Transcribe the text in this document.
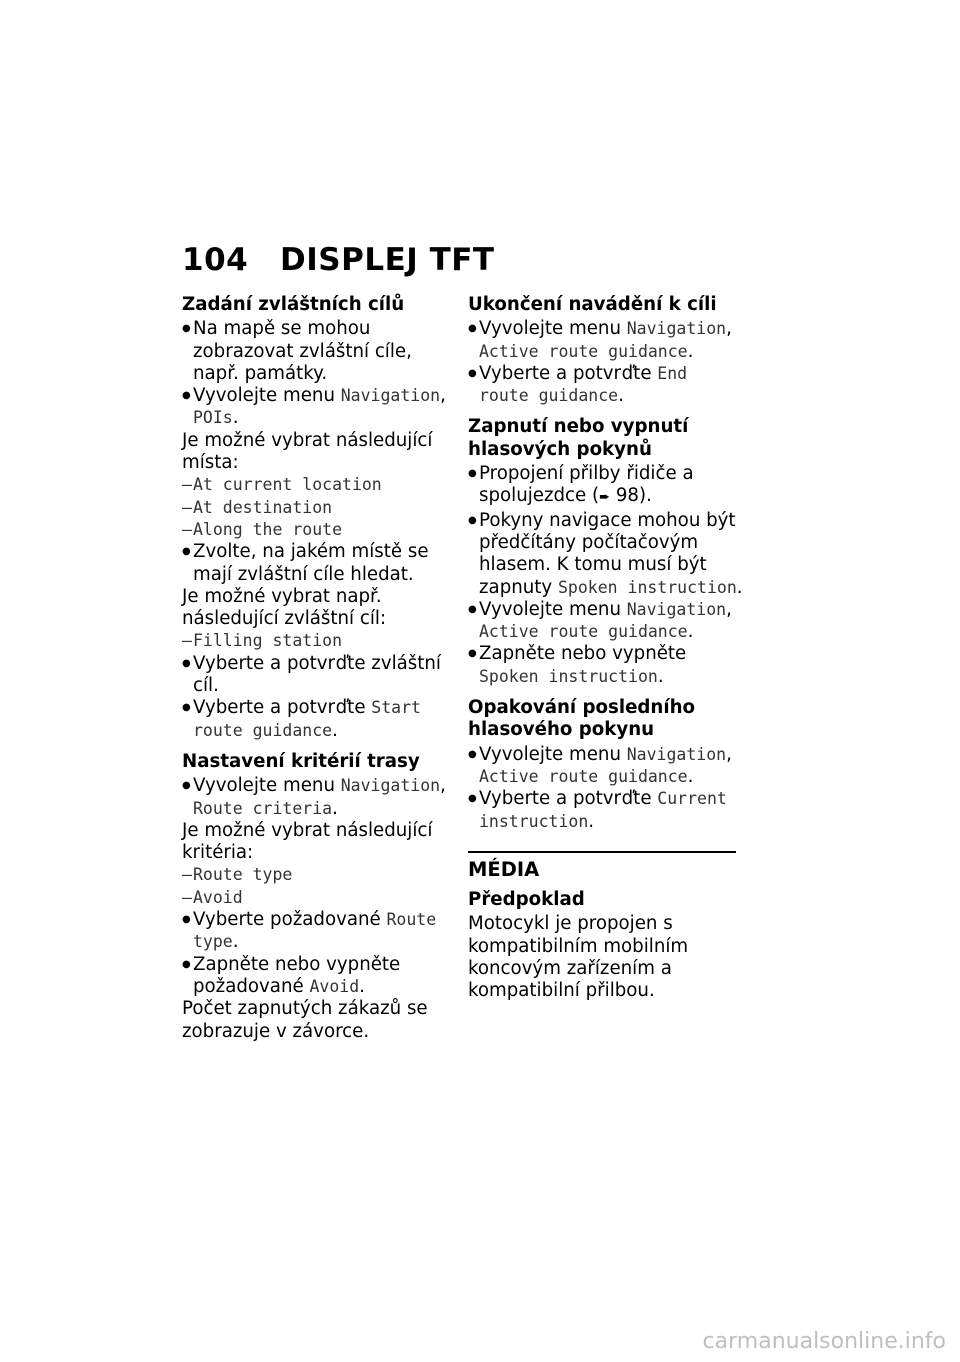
104 DISPLEJ TFT
Zadání zvláštních cílů
● Na mapě se mohou zobrazovat zvláštní cíle, např. památky.
● Vyvolejte menu Navigation, POIs.
Je možné vybrat následující místa:
– At current location
– At destination
– Along the route
● Zvolte, na jakém místě se mají zvláštní cíle hledat.
Je možné vybrat např. následující zvláštní cíl:
– Filling station
● Vyberte a potvrďte zvláštní cíl.
● Vyberte a potvrďte Start route guidance.
Nastavení kritérií trasy
● Vyvolejte menu Navigation, Route criteria.
Je možné vybrat následující kritéria:
– Route type
– Avoid
● Vyberte požadované Route type.
● Zapněte nebo vypněte požadované Avoid.
Počet zapnutých zákazů se zobrazuje v závorce.
Ukončení navádění k cíli
● Vyvolejte menu Navigation, Active route guidance.
● Vyberte a potvrďte End route guidance.
Zapnutí nebo vypnutí hlasových pokynů
● Propojení přilby řidiče a spolujezdce (➨ 98).
● Pokyny navigace mohou být předčítány počítačovým hlasem. K tomu musí být zapnuty Spoken instruction.
● Vyvolejte menu Navigation, Active route guidance.
● Zapněte nebo vypněte Spoken instruction.
Opakování posledního hlasového pokynu
● Vyvolejte menu Navigation, Active route guidance.
● Vyberte a potvrďte Current instruction.
MÉDIA
Předpoklad
Motocykl je propojen s kompatibilním mobilním koncovým zařízením a kompatibilní přilbou.
carmanualsonline.info
